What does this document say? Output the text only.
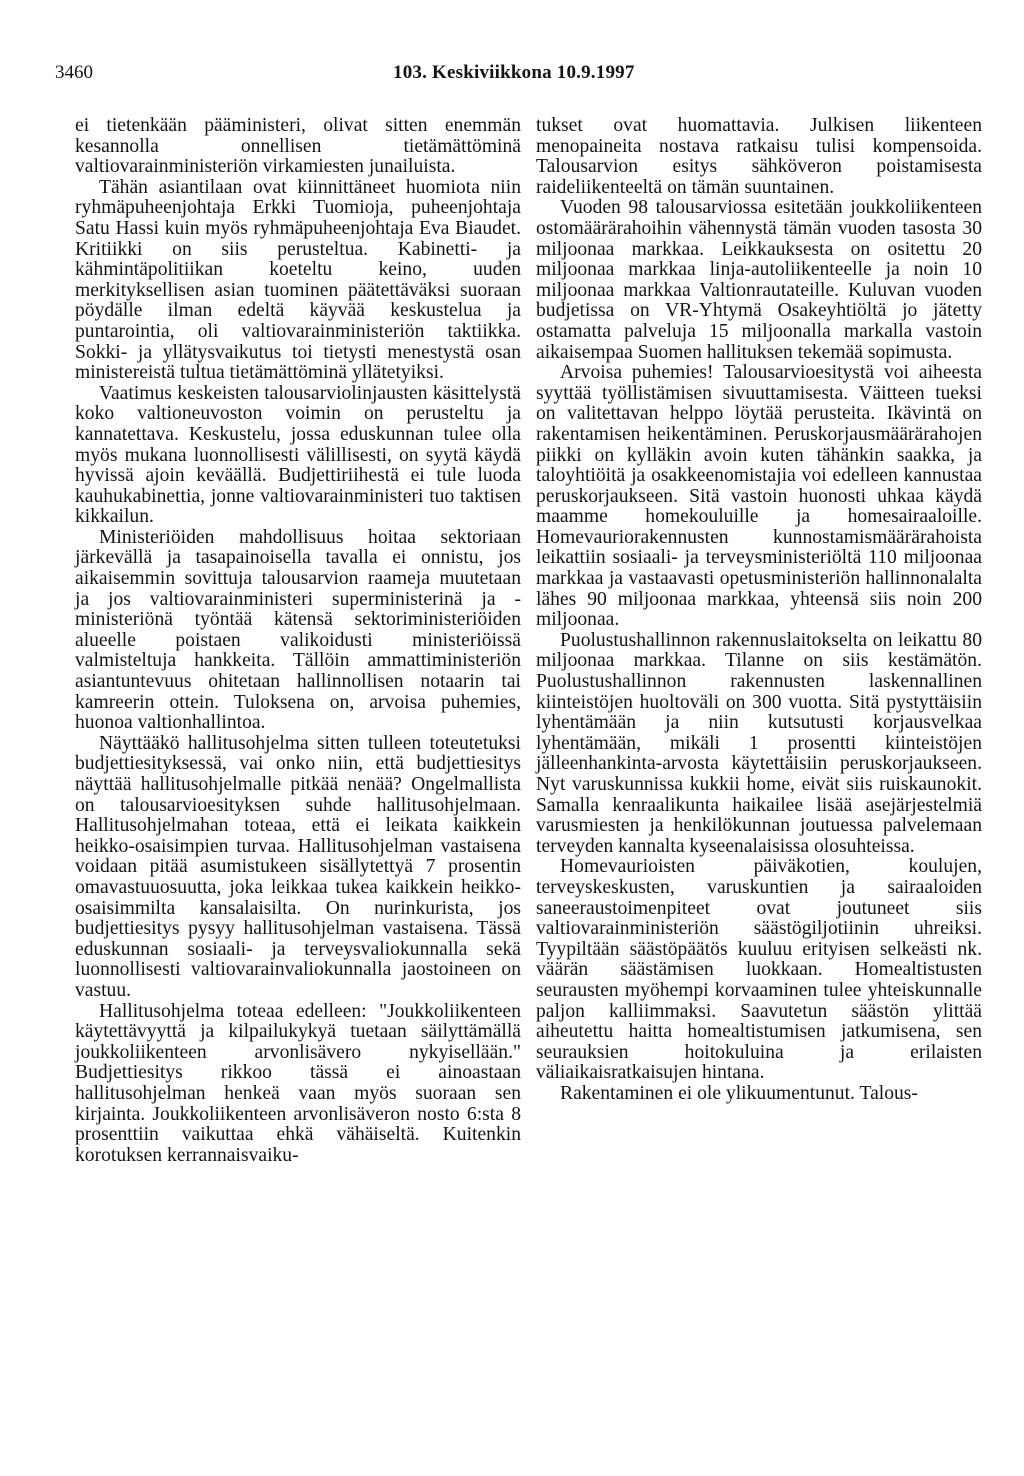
3460	103. Keskiviikkona 10.9.1997

ei tietenkään pääministeri, olivat sitten enemmän kesannolla onnellisen tietämättöminä valtiovarainministeriön virkamiesten junailuista.

Tähän asiantilaan ovat kiinnittäneet huomiota niin ryhmäpuheenjohtaja Erkki Tuomioja, puheenjohtaja Satu Hassi kuin myös ryhmäpuheenjohtaja Eva Biaudet. Kritiikki on siis perusteltua. Kabinetti- ja kähmintäpolitiikan koeteltu keino, uuden merkityksellisen asian tuominen päätettäväksi suoraan pöydälle ilman edeltä käyvää keskustelua ja puntarointia, oli valtiovarainministeriön taktiikka. Sokki- ja yllätysvaikutus toi tietysti menestystä osan ministereistä tultua tietämättöminä yllätetyiksi.

Vaatimus keskeisten talousarviolinjausten käsittelystä koko valtioneuvoston voimin on perusteltu ja kannatettava. Keskustelu, jossa eduskunnan tulee olla myös mukana luonnollisesti välillisesti, on syytä käydä hyvissä ajoin keväällä. Budjettiriihestä ei tule luoda kauhukabinettia, jonne valtiovarainministeri tuo taktisen kikkailun.

Ministeriöiden mahdollisuus hoitaa sektoriaan järkevällä ja tasapainoisella tavalla ei onnistu, jos aikaisemmin sovittuja talousarvion raameja muutetaan ja jos valtiovarainministeri superministerinä ja -ministeriönä työntää kätensä sektoriministeriöiden alueelle poistaen valikoidusti ministeriöissä valmisteltuja hankkeita. Tällöin ammattiministeriön asiantuntevuus ohitetaan hallinnollisen notaarin tai kamreerin ottein. Tuloksena on, arvoisa puhemies, huonoa valtionhallintoa.

Näyttääkö hallitusohjelma sitten tulleen toteutetuksi budjettiesityksessä, vai onko niin, että budjettiesitys näyttää hallitusohjelmalle pitkää nenää? Ongelmallista on talousarvioesityksen suhde hallitusohjelmaan. Hallitusohjelmahan toteaa, että ei leikata kaikkein heikko-osaisimpien turvaa. Hallitusohjelman vastaisena voidaan pitää asumistukeen sisällytettyä 7 prosentin omavastuuosuutta, joka leikkaa tukea kaikkein heikko-osaisimmilta kansalaisilta. On nurinkurista, jos budjettiesitys pysyy hallitusohjelman vastaisena. Tässä eduskunnan sosiaali- ja terveysvaliokunnalla sekä luonnollisesti valtiovarainvaliokunnalla jaostoineen on vastuu.

Hallitusohjelma toteaa edelleen: "Joukkoliikenteen käytettävyyttä ja kilpailukykyä tuetaan säilyttämällä joukkoliikenteen arvonlisävero nykyisellään." Budjettiesitys rikkoo tässä ei ainoastaan hallitusohjelman henkeä vaan myös suoraan sen kirjainta. Joukkoliikenteen arvonlisäveron nosto 6:sta 8 prosenttiin vaikuttaa ehkä vähäiseltä. Kuitenkin korotuksen kerrannaisvaiku-

tukset ovat huomattavia. Julkisen liikenteen menopaineita nostava ratkaisu tulisi kompensoida. Talousarvion esitys sähköveron poistamisesta raideliikenteeltä on tämän suuntainen.

Vuoden 98 talousarviossa esitetään joukkoliikenteen ostomäärärahoihin vähennystä tämän vuoden tasosta 30 miljoonaa markkaa. Leikkauksesta on ositettu 20 miljoonaa markkaa linja-autoliikenteelle ja noin 10 miljoonaa markkaa Valtionrautateille. Kuluvan vuoden budjetissa on VR-Yhtymä Osakeyhtiöltä jo jätetty ostamatta palveluja 15 miljoonalla markalla vastoin aikaisempaa Suomen hallituksen tekemää sopimusta.

Arvoisa puhemies! Talousarvioesitystä voi aiheesta syyttää työllistämisen sivuuttamisesta. Väitteen tueksi on valitettavan helppo löytää perusteita. Ikävintä on rakentamisen heikentäminen. Peruskorjausmäärärahojen piikki on kylläkin avoin kuten tähänkin saakka, ja taloyhtiöitä ja osakkeenomistajia voi edelleen kannustaa peruskorjaukseen. Sitä vastoin huonosti uhkaa käydä maamme homekouluille ja homesairaaloille. Homevauriorakennusten kunnostamismäärärahoista leikattiin sosiaali- ja terveysministeriöltä 110 miljoonaa markkaa ja vastaavasti opetusministeriön hallinnonalalta lähes 90 miljoonaa markkaa, yhteensä siis noin 200 miljoonaa.

Puolustushallinnon rakennuslaitokselta on leikattu 80 miljoonaa markkaa. Tilanne on siis kestämätön. Puolustushallinnon rakennusten laskennallinen kiinteistöjen huoltoväli on 300 vuotta. Sitä pystyttäisiin lyhentämään ja niin kutsutusti korjausvelkaa lyhentämään, mikäli 1 prosentti kiinteistöjen jälleenhankinta-arvosta käytettäisiin peruskorjaukseen. Nyt varuskunnissa kukkii home, eivät siis ruiskaunokit. Samalla kenraalikunta haikailee lisää asejärjestelmiä varusmiesten ja henkilökunnan joutuessa palvelemaan terveyden kannalta kyseenalaisissa olosuhteissa.

Homevaurioisten päiväkotien, koulujen, terveyskeskusten, varuskuntien ja sairaaloiden saneeraustoimenpiteet ovat joutuneet siis valtiovarainministeriön säästögiljotiinin uhreiksi. Tyypiltään säästöpäätös kuuluu erityisen selkeästi nk. väärän säästämisen luokkaan. Homealtistusten seurausten myöhempi korvaaminen tulee yhteiskunnalle paljon kalliimmaksi. Saavutetun säästön ylittää aiheutettu haitta homealtistumisen jatkumisena, sen seurauksien hoitokuluina ja erilaisten väliaikaisratkaisujen hintana.

Rakentaminen ei ole ylikuumentunut. Talous-
